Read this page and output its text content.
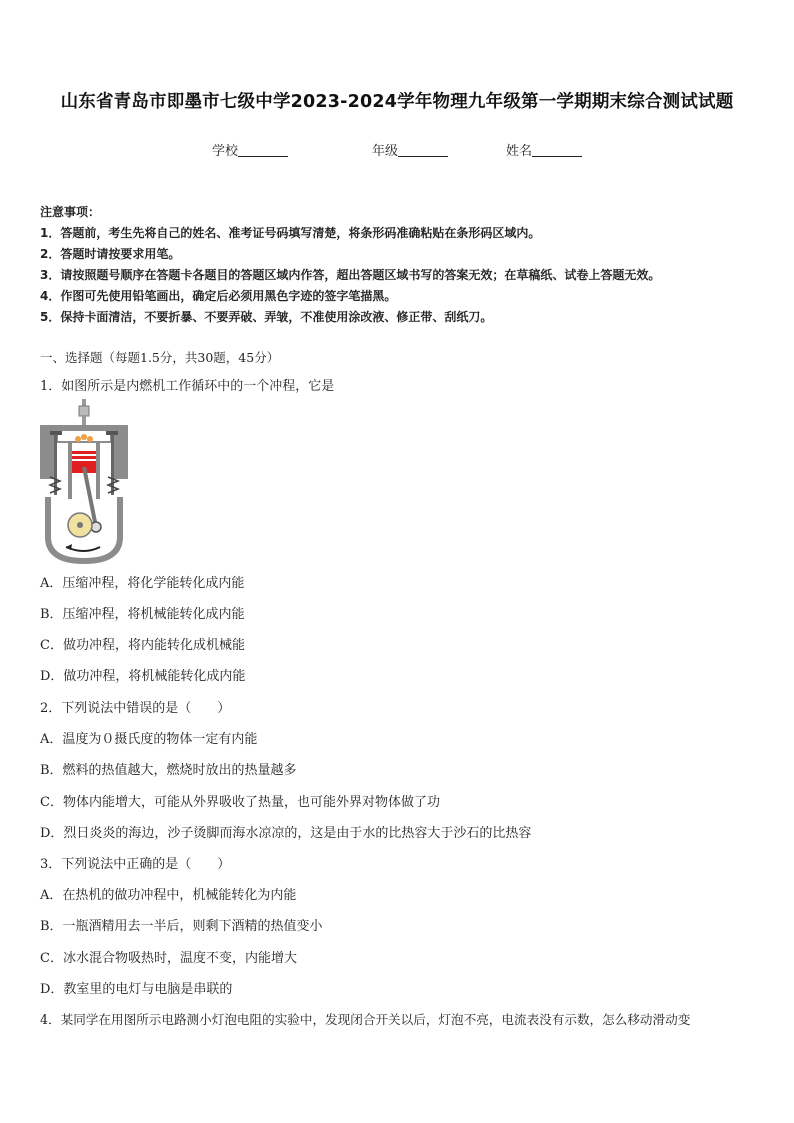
山东省青岛市即墨市七级中学2023-2024学年物理九年级第一学期期末综合测试试题
学校	年级	姓名
注意事项：
1．答题前，考生先将自己的姓名、准考证号码填写清楚，将条形码准确粘贴在条形码区域内。
2．答题时请按要求用笔。
3．请按照题号顺序在答题卡各题目的答题区域内作答，超出答题区域书写的答案无效；在草稿纸、试卷上答题无效。
4．作图可先使用铅笔画出，确定后必须用黑色字迹的签字笔描黑。
5．保持卡面清洁，不要折暴、不要弄破、弄皱，不准使用涂改液、修正带、刮纸刀。
一、选择题（每题1.5分，共30题，45分）
1．如图所示是内燃机工作循环中的一个冲程，它是
A．压缩冲程，将化学能转化成内能
B．压缩冲程，将机械能转化成内能
C．做功冲程，将内能转化成机械能
D．做功冲程，将机械能转化成内能
2．下列说法中错误的是（　　）
A．温度为０摄氏度的物体一定有内能
B．燃料的热值越大，燃烧时放出的热量越多
C．物体内能增大，可能从外界吸收了热量，也可能外界对物体做了功
D．烈日炎炎的海边，沙子烫脚而海水凉凉的，这是由于水的比热容大于沙石的比热容
3．下列说法中正确的是（　　）
A．在热机的做功冲程中，机械能转化为内能
B．一瓶酒精用去一半后，则剩下酒精的热值变小
C．冰水混合物吸热时，温度不变，内能增大
D．教室里的电灯与电脑是串联的
4．某同学在用图所示电路测小灯泡电阻的实验中，发现闭合开关以后，灯泡不亮，电流表没有示数，怎么移动滑动变
